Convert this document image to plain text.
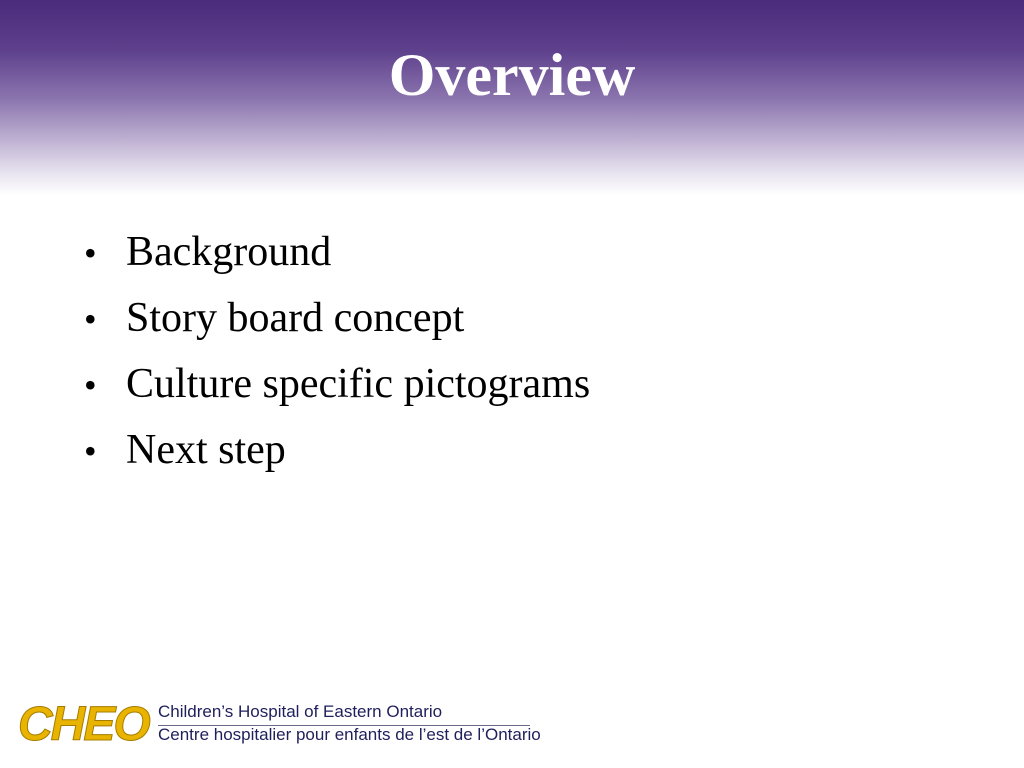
Overview
• Background
• Story board concept
• Culture specific pictograms
• Next step
CHEO Children’s Hospital of Eastern Ontario
Centre hospitalier pour enfants de l’est de l’Ontario
